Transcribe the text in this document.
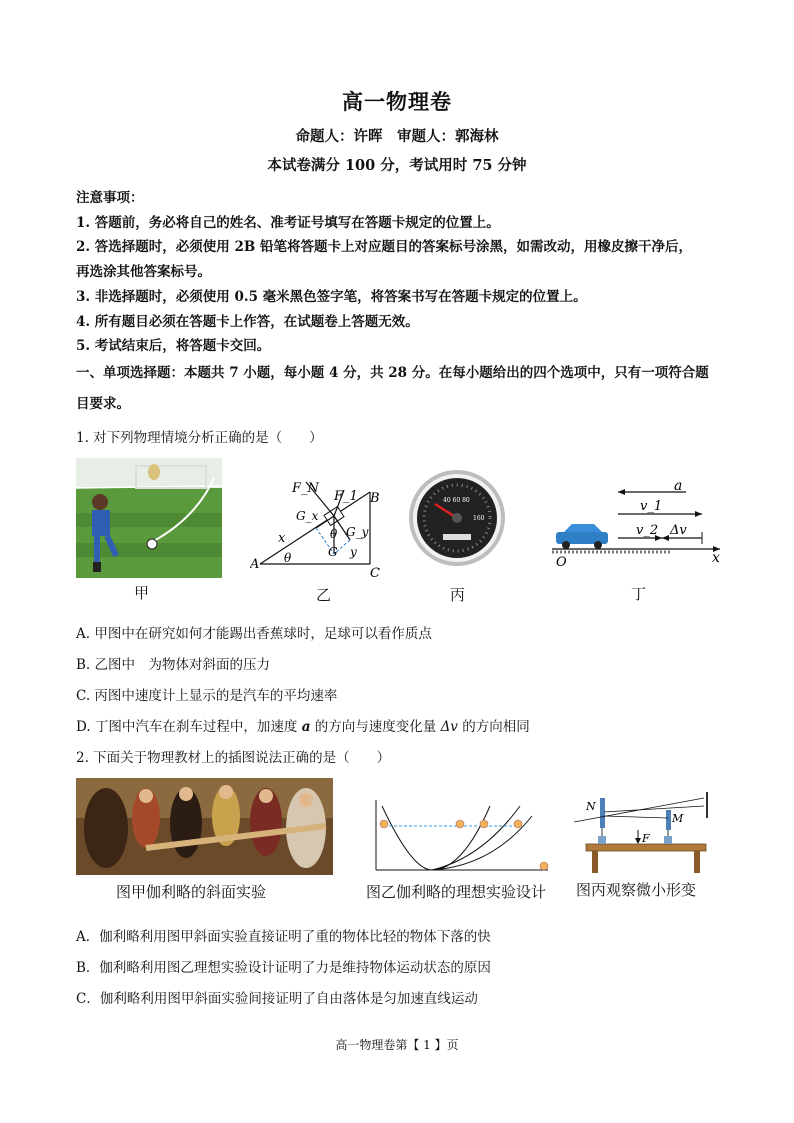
高一物理卷
命题人：许晖　审题人：郭海林
本试卷满分 100 分，考试用时 75 分钟
注意事项：
1. 答题前，务必将自己的姓名、准考证号填写在答题卡规定的位置上。
2. 答选择题时，必须使用 2B 铅笔将答题卡上对应题目的答案标号涂黑，如需改动，用橡皮擦干净后，
再选涂其他答案标号。
3. 非选择题时，必须使用 0.5 毫米黑色签字笔，将答案书写在答题卡规定的位置上。
4. 所有题目必须在答题卡上作答，在试题卷上答题无效。
5. 考试结束后，将答题卡交回。
一、单项选择题：本题共 7 小题，每小题 4 分，共 28 分。在每小题给出的四个选项中，只有一项符合题
目要求。
1. 对下列物理情境分析正确的是（　　）
F_N
F_1 B
x
G_x
θ G_y
G y
A θ
C
40 60 80
160
a
v_1
v_2 Δv
O	x
甲	乙	丙	丁
A. 甲图中在研究如何才能踢出香蕉球时，足球可以看作质点
B. 乙图中　为物体对斜面的压力
C. 丙图中速度计上显示的是汽车的平均速率
D. 丁图中汽车在刹车过程中，加速度 a 的方向与速度变化量 Δv 的方向相同
2. 下面关于物理教材上的插图说法正确的是（　　）
N
M
F
图甲伽利略的斜面实验	图乙伽利略的理想实验设计 图丙观察微小形变
A．伽利略利用图甲斜面实验直接证明了重的物体比轻的物体下落的快
B．伽利略利用图乙理想实验设计证明了力是维持物体运动状态的原因
C．伽利略利用图甲斜面实验间接证明了自由落体是匀加速直线运动
高一物理卷第【 1 】页
